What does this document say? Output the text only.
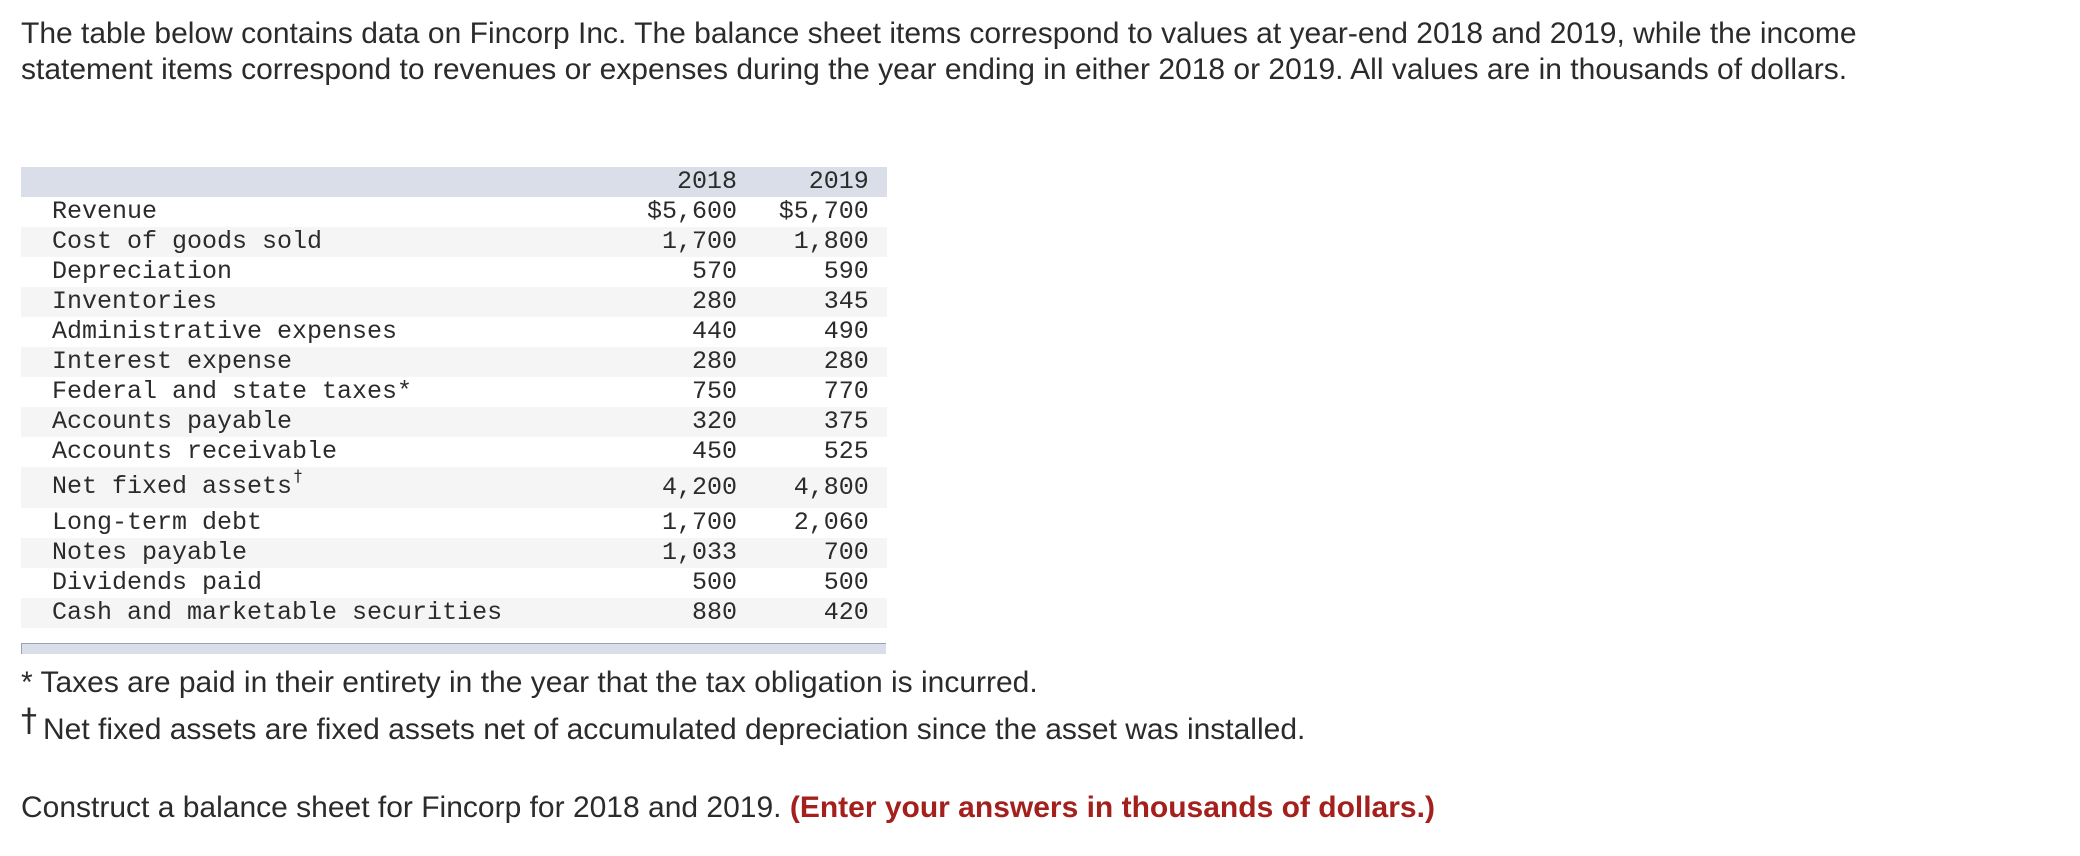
The table below contains data on Fincorp Inc. The balance sheet items correspond to values at year-end 2018 and 2019, while the income statement items correspond to revenues or expenses during the year ending in either 2018 or 2019. All values are in thousands of dollars.

	2018	2019	
Revenue	$5,600	$5,700	
Cost of goods sold	1,700	1,800	
Depreciation	570	590	
Inventories	280	345	
Administrative expenses	440	490	
Interest expense	280	280	
Federal and state taxes*	750	770	
Accounts payable	320	375	
Accounts receivable	450	525	
Net fixed assets †	4,200	4,800	
Long-term debt	1,700	2,060	
Notes payable	1,033	700	
Dividends paid	500	500	
Cash and marketable securities	880	420	

* Taxes are paid in their entirety in the year that the tax obligation is incurred.

† Net fixed assets are fixed assets net of accumulated depreciation since the asset was installed.

Construct a balance sheet for Fincorp for 2018 and 2019. (Enter your answers in thousands of dollars.)
